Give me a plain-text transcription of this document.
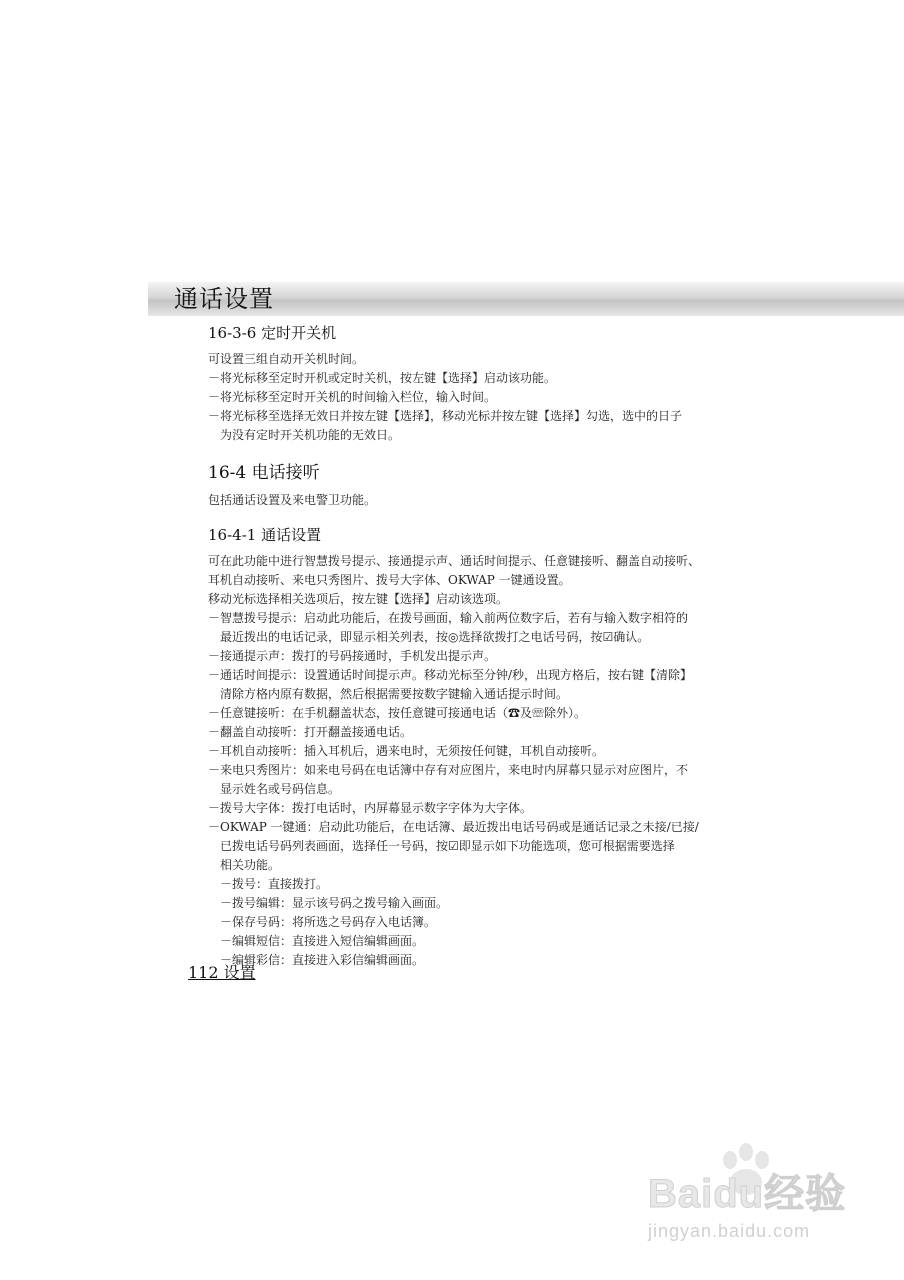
通话设置

16-3-6 定时开关机

可设置三组自动开关机时间。

－将光标移至定时开机或定时关机，按左键【选择】启动该功能。

－将光标移至定时开关机的时间输入栏位，输入时间。

－将光标移至选择无效日并按左键【选择】，移动光标并按左键【选择】勾选，选中的日子

为没有定时开关机功能的无效日。

16-4 电话接听

包括通话设置及来电警卫功能。

16-4-1 通话设置

可在此功能中进行智慧拨号提示、接通提示声、通话时间提示、任意键接听、翻盖自动接听、

耳机自动接听、来电只秀图片、拨号大字体、OKWAP 一键通设置。

移动光标选择相关选项后，按左键【选择】启动该选项。

－智慧拨号提示：启动此功能后，在拨号画面，输入前两位数字后，若有与输入数字相符的

最近拨出的电话记录，即显示相关列表，按◎选择欲拨打之电话号码，按☑确认。

－接通提示声：拨打的号码接通时，手机发出提示声。

－通话时间提示：设置通话时间提示声。移动光标至分钟/秒，出现方格后，按右键【清除】

清除方格内原有数据，然后根据需要按数字键输入通话提示时间。

－任意键接听：在手机翻盖状态，按任意键可接通电话（☎及☏除外）。

－翻盖自动接听：打开翻盖接通电话。

－耳机自动接听：插入耳机后，遇来电时，无须按任何键，耳机自动接听。

－来电只秀图片：如来电号码在电话簿中存有对应图片，来电时内屏幕只显示对应图片，不

显示姓名或号码信息。

－拨号大字体：拨打电话时，内屏幕显示数字字体为大字体。

－OKWAP 一键通：启动此功能后，在电话簿、最近拨出电话号码或是通话记录之未接/已接/

已拨电话号码列表画面，选择任一号码，按☑即显示如下功能选项，您可根据需要选择

相关功能。

－拨号：直接拨打。

－拨号编辑：显示该号码之拨号输入画面。

－保存号码：将所选之号码存入电话簿。

－编辑短信：直接进入短信编辑画面。

－编辑彩信：直接进入彩信编辑画面。

112 设置
Baidu经验
jingyan.baidu.com
